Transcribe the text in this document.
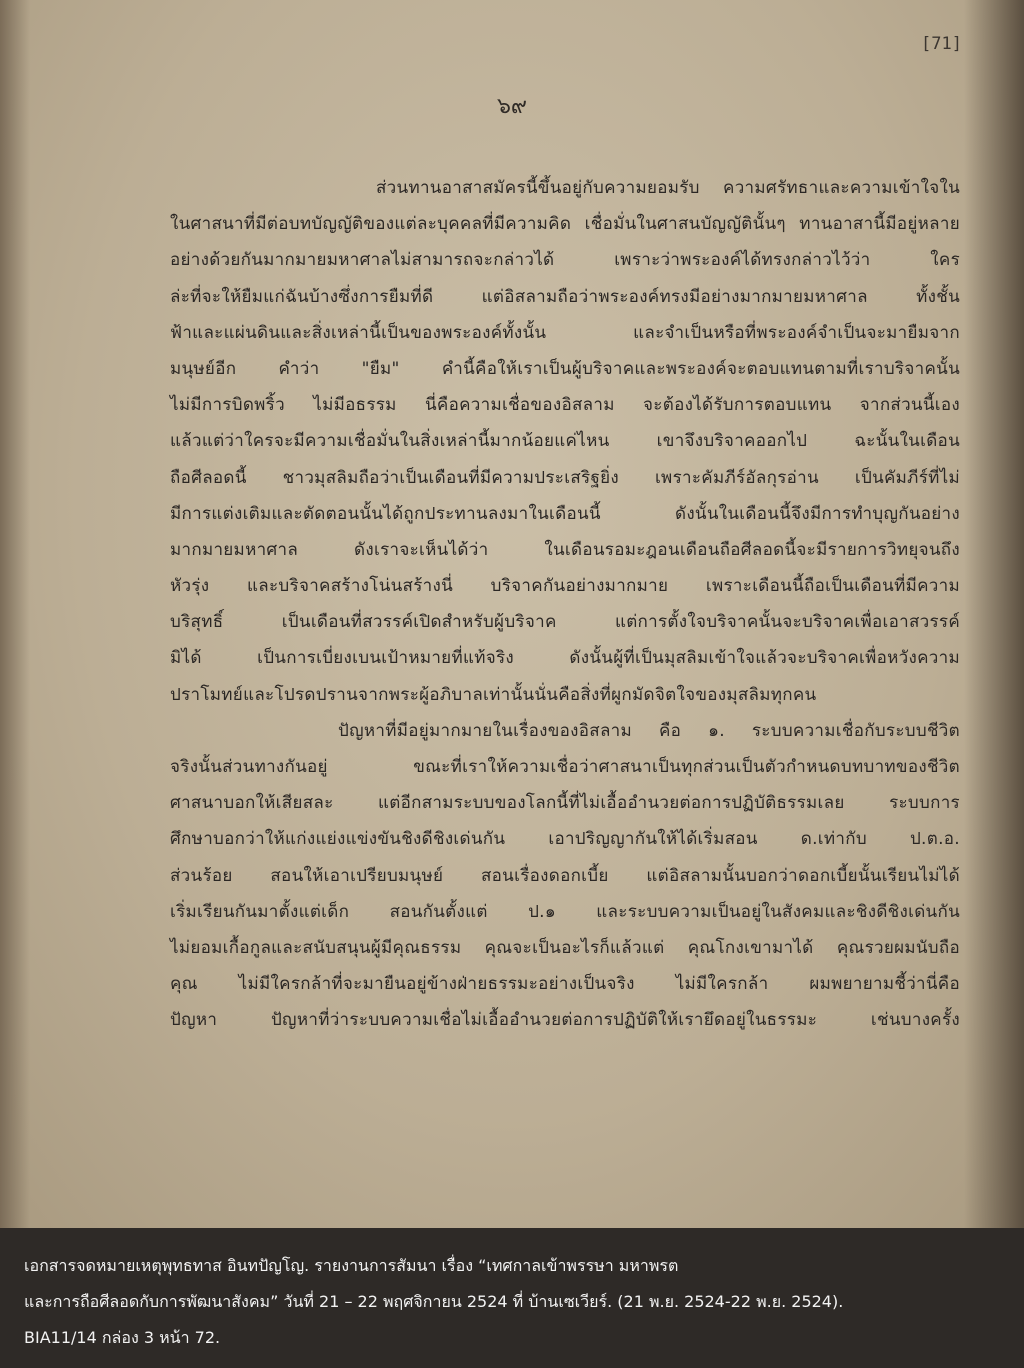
[71]
๖๙
ส่วนทานอาสาสมัครนี้ขึ้นอยู่กับความยอมรับ ความศรัทธาและความเข้าใจใน
ในศาสนาที่มีต่อบทบัญญัติของแต่ละบุคคลที่มีความคิด เชื่อมั่นในศาสนบัญญัตินั้นๆ ทานอาสานี้มีอยู่หลาย
อย่างด้วยกันมากมายมหาศาลไม่สามารถจะกล่าวได้ เพราะว่าพระองค์ได้ทรงกล่าวไว้ว่า ใคร
ล่ะที่จะให้ยืมแก่ฉันบ้างซึ่งการยืมที่ดี แต่อิสลามถือว่าพระองค์ทรงมีอย่างมากมายมหาศาล ทั้งชั้น
ฟ้าและแผ่นดินและสิ่งเหล่านี้เป็นของพระองค์ทั้งนั้น และจำเป็นหรือที่พระองค์จำเป็นจะมายืมจาก
มนุษย์อีก คำว่า "ยืม" คำนี้คือให้เราเป็นผู้บริจาคและพระองค์จะตอบแทนตามที่เราบริจาคนั้น
ไม่มีการบิดพริ้ว ไม่มีอธรรม นี่คือความเชื่อของอิสลาม จะต้องได้รับการตอบแทน จากส่วนนี้เอง
แล้วแต่ว่าใครจะมีความเชื่อมั่นในสิ่งเหล่านี้มากน้อยแค่ไหน เขาจึงบริจาคออกไป ฉะนั้นในเดือน
ถือศีลอดนี้ ชาวมุสลิมถือว่าเป็นเดือนที่มีความประเสริฐยิ่ง เพราะคัมภีร์อัลกุรอ่าน เป็นคัมภีร์ที่ไม่
มีการแต่งเติมและตัดตอนนั้นได้ถูกประทานลงมาในเดือนนี้ ดังนั้นในเดือนนี้จึงมีการทำบุญกันอย่าง
มากมายมหาศาล ดังเราจะเห็นได้ว่า ในเดือนรอมะฎอนเดือนถือศีลอดนี้จะมีรายการวิทยุจนถึง
หัวรุ่ง และบริจาคสร้างโน่นสร้างนี่ บริจาคกันอย่างมากมาย เพราะเดือนนี้ถือเป็นเดือนที่มีความ
บริสุทธิ์ เป็นเดือนที่สวรรค์เปิดสำหรับผู้บริจาค แต่การตั้งใจบริจาคนั้นจะบริจาคเพื่อเอาสวรรค์
มิได้ เป็นการเบี่ยงเบนเป้าหมายที่แท้จริง ดังนั้นผู้ที่เป็นมุสลิมเข้าใจแล้วจะบริจาคเพื่อหวังความ
ปราโมทย์และโปรดปรานจากพระผู้อภิบาลเท่านั้นนั่นคือสิ่งที่ผูกมัดจิตใจของมุสลิมทุกคน
ปัญหาที่มีอยู่มากมายในเรื่องของอิสลาม คือ ๑. ระบบความเชื่อกับระบบชีวิต
จริงนั้นส่วนทางกันอยู่ ขณะที่เราให้ความเชื่อว่าศาสนาเป็นทุกส่วนเป็นตัวกำหนดบทบาทของชีวิต
ศาสนาบอกให้เสียสละ แต่อีกสามระบบของโลกนี้ที่ไม่เอื้ออำนวยต่อการปฏิบัติธรรมเลย ระบบการ
ศึกษาบอกว่าให้แก่งแย่งแข่งขันชิงดีชิงเด่นกัน เอาปริญญากันให้ได้เริ่มสอน ด.เท่ากับ ป.ต.อ.
ส่วนร้อย สอนให้เอาเปรียบมนุษย์ สอนเรื่องดอกเบี้ย แต่อิสลามนั้นบอกว่าดอกเบี้ยนั้นเรียนไม่ได้
เริ่มเรียนกันมาตั้งแต่เด็ก สอนกันตั้งแต่ ป.๑ และระบบความเป็นอยู่ในสังคมและชิงดีชิงเด่นกัน
ไม่ยอมเกื้อกูลและสนับสนุนผู้มีคุณธรรม คุณจะเป็นอะไรก็แล้วแต่ คุณโกงเขามาได้ คุณรวยผมนับถือ
คุณ ไม่มีใครกล้าที่จะมายืนอยู่ข้างฝ่ายธรรมะอย่างเป็นจริง ไม่มีใครกล้า ผมพยายามชี้ว่านี่คือ
ปัญหา ปัญหาที่ว่าระบบความเชื่อไม่เอื้ออำนวยต่อการปฏิบัติให้เรายึดอยู่ในธรรมะ เช่นบางครั้ง
เอกสารจดหมายเหตุพุทธทาส อินทปัญโญ. รายงานการสัมนา เรื่อง “เทศกาลเข้าพรรษา มหาพรต
และการถือศีลอดกับการพัฒนาสังคม” วันที่ 21 – 22 พฤศจิกายน 2524 ที่ บ้านเซเวียร์. (21 พ.ย. 2524-22 พ.ย. 2524).
BIA11/14 กล่อง 3 หน้า 72.
